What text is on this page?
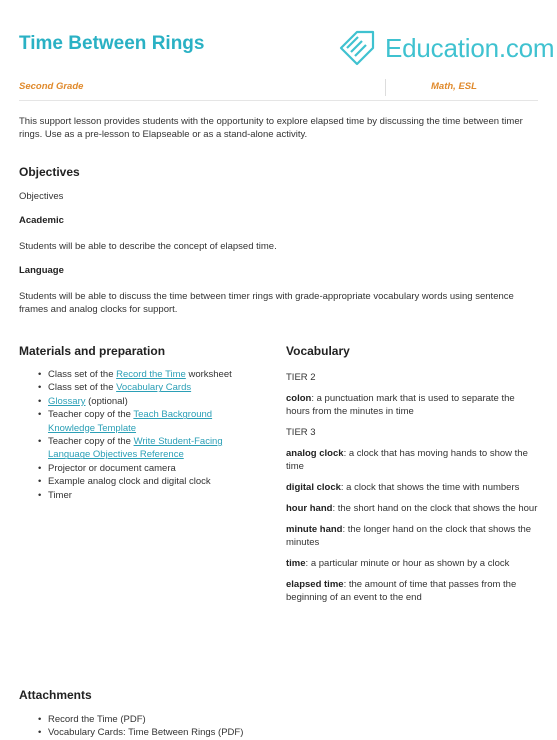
Time Between Rings	Education.com
Second Grade	Math, ESL
This support lesson provides students with the opportunity to explore elapsed time by discussing the time between timer rings. Use as a pre-lesson to Elapseable or as a stand-alone activity.
Objectives
Objectives
Academic
Students will be able to describe the concept of elapsed time.
Language
Students will be able to discuss the time between timer rings with grade-appropriate vocabulary words using sentence frames and analog clocks for support.
Materials and preparation
• Class set of the Record the Time worksheet
• Class set of the Vocabulary Cards
• Glossary (optional)
• Teacher copy of the Teach Background Knowledge Template
• Teacher copy of the Write Student-Facing Language Objectives Reference
• Projector or document camera
• Example analog clock and digital clock
• Timer
Vocabulary

TIER 2

colon: a punctuation mark that is used to separate the hours from the minutes in time

TIER 3

analog clock: a clock that has moving hands to show the time

digital clock: a clock that shows the time with numbers

hour hand: the short hand on the clock that shows the hour

minute hand: the longer hand on the clock that shows the minutes

time: a particular minute or hour as shown by a clock

elapsed time: the amount of time that passes from the beginning of an event to the end

Attachments
• Record the Time (PDF)
• Vocabulary Cards: Time Between Rings (PDF)
